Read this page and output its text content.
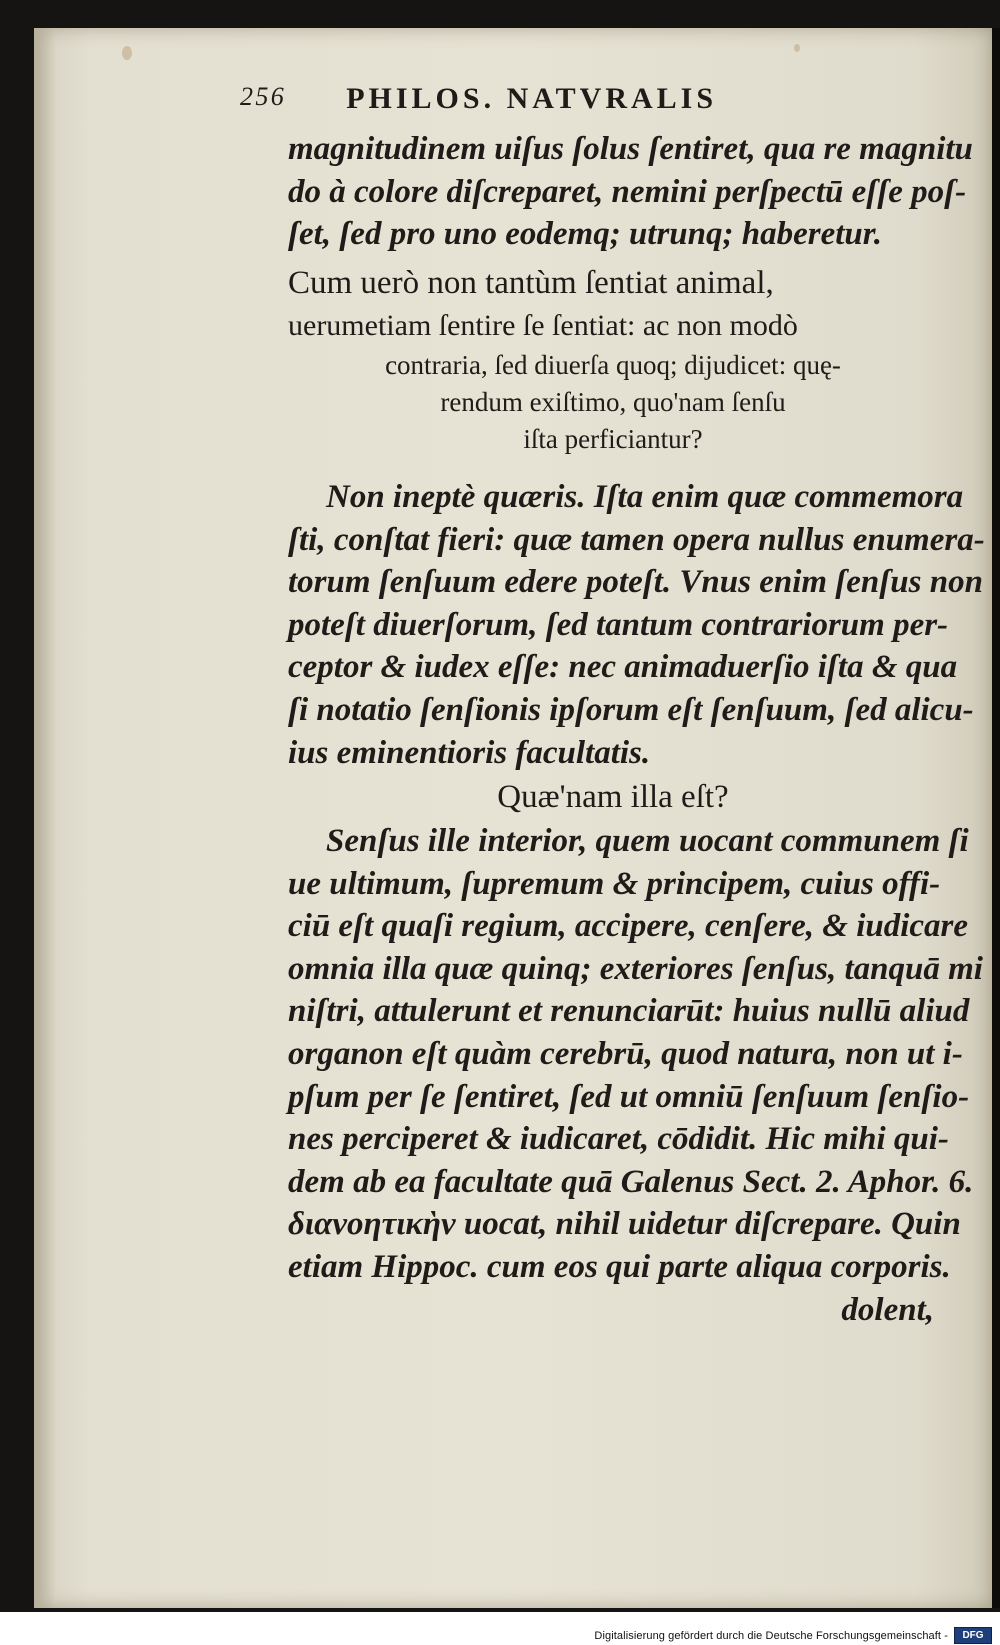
256 PHILOS. NATVRALIS
magnitudinem uiſus ſolus ſentiret, qua re magnitu
do à colore diſcreparet, nemini perſpectū eſſe poſ-
ſet, ſed pro uno eodemq; utrunq; haberetur.
Cum uerò non tantùm ſentiat animal,
uerumetiam ſentire ſe ſentiat: ac non modò
contraria, ſed diuerſa quoq; dijudicet: quę-
rendum exiſtimo, quo'nam ſenſu
iſta perficiantur?
Non ineptè quæris. Iſta enim quæ commemora
ſti, conſtat fieri: quæ tamen opera nullus enumera-
torum ſenſuum edere poteſt. Vnus enim ſenſus non
poteſt diuerſorum, ſed tantum contrariorum per-
ceptor & iudex eſſe: nec animaduerſio iſta & qua
ſi notatio ſenſionis ipſorum eſt ſenſuum, ſed alicu-
ius eminentioris facultatis.
Quæ'nam illa eſt?
Senſus ille interior, quem uocant communem ſi
ue ultimum, ſupremum & principem, cuius offi-
ciū eſt quaſi regium, accipere, cenſere, & iudicare
omnia illa quæ quinq; exteriores ſenſus, tanquā mi
niſtri, attulerunt et renunciarūt: huius nullū aliud
organon eſt quàm cerebrū, quod natura, non ut i-
pſum per ſe ſentiret, ſed ut omniū ſenſuum ſenſio-
nes perciperet & iudicaret, cōdidit. Hic mihi qui-
dem ab ea facultate quā Galenus Sect. 2. Aphor. 6.
διανοητικὴν uocat, nihil uidetur diſcrepare. Quin
etiam Hippoc. cum eos qui parte aliqua corporis.
dolent,
Digitalisierung gefördert durch die Deutsche Forschungsgemeinschaft -	DFG
